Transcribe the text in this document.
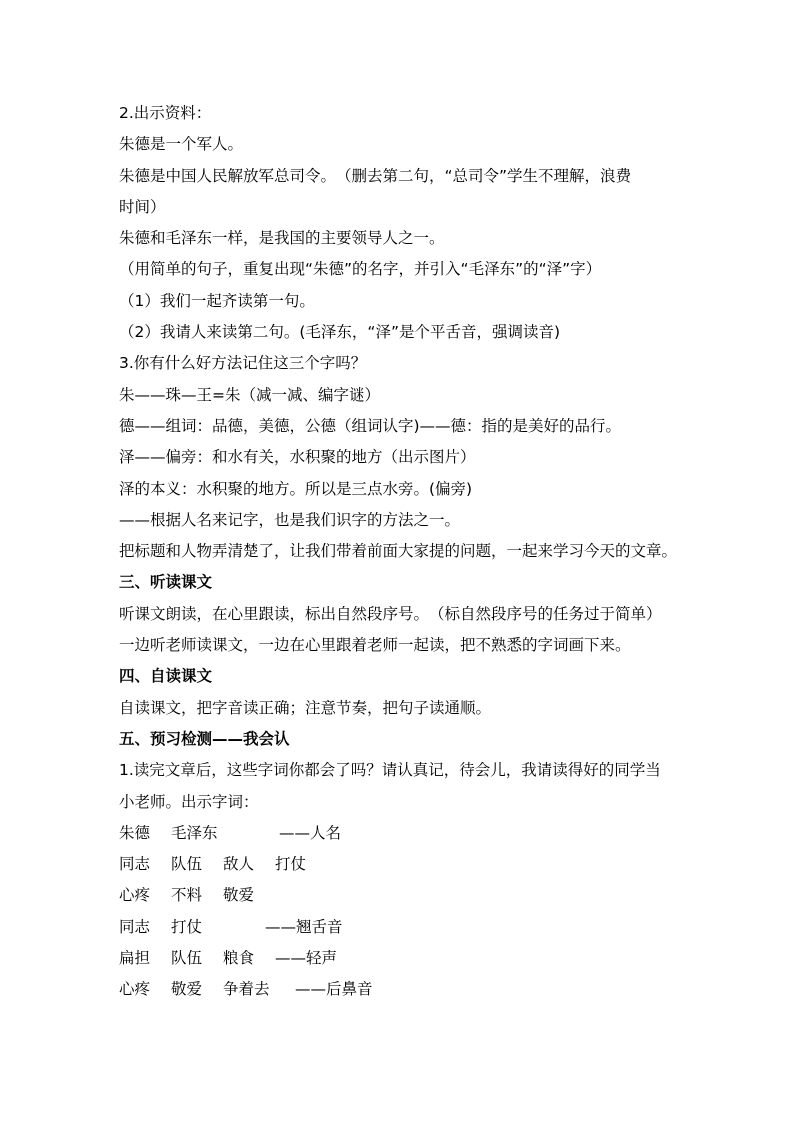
2.出示资料：
朱德是一个军人。
朱德是中国人民解放军总司令。　（删去第二句，“总司令”学生不理解，浪费
时间）
朱德和毛泽东一样，是我国的主要领导人之一。
（用简单的句子，重复出现“朱德”的名字，并引入“毛泽东”的“泽”字）
（1）我们一起齐读第一句。
（2）我请人来读第二句。(毛泽东，“泽”是个平舌音，强调读音)
3.你有什么好方法记住这三个字吗？
朱——珠—王=朱（减一减、编字谜）
德——组词：品德，美德，公德（组词认字)——德：指的是美好的品行。
泽——偏旁：和水有关，水积聚的地方（出示图片）
泽的本义：水积聚的地方。所以是三点水旁。(偏旁)
——根据人名来记字，也是我们识字的方法之一。
把标题和人物弄清楚了，让我们带着前面大家提的问题，一起来学习今天的文章。
三、听读课文
听课文朗读，在心里跟读，标出自然段序号。　（标自然段序号的任务过于简单）
一边听老师读课文，一边在心里跟着老师一起读，把不熟悉的字词画下来。
四、自读课文
自读课文，把字音读正确；注意节奏，把句子读通顺。
五、预习检测——我会认
1.读完文章后，这些字词你都会了吗？请认真记，待会儿，我请读得好的同学当
小老师。出示字词：
朱德 毛泽东	——人名
同志 队伍 敌人 打仗
心疼 不料 敬爱
同志 打仗	——翘舌音
扁担 队伍 粮食 ——轻声
心疼 敬爱 争着去 ——后鼻音
